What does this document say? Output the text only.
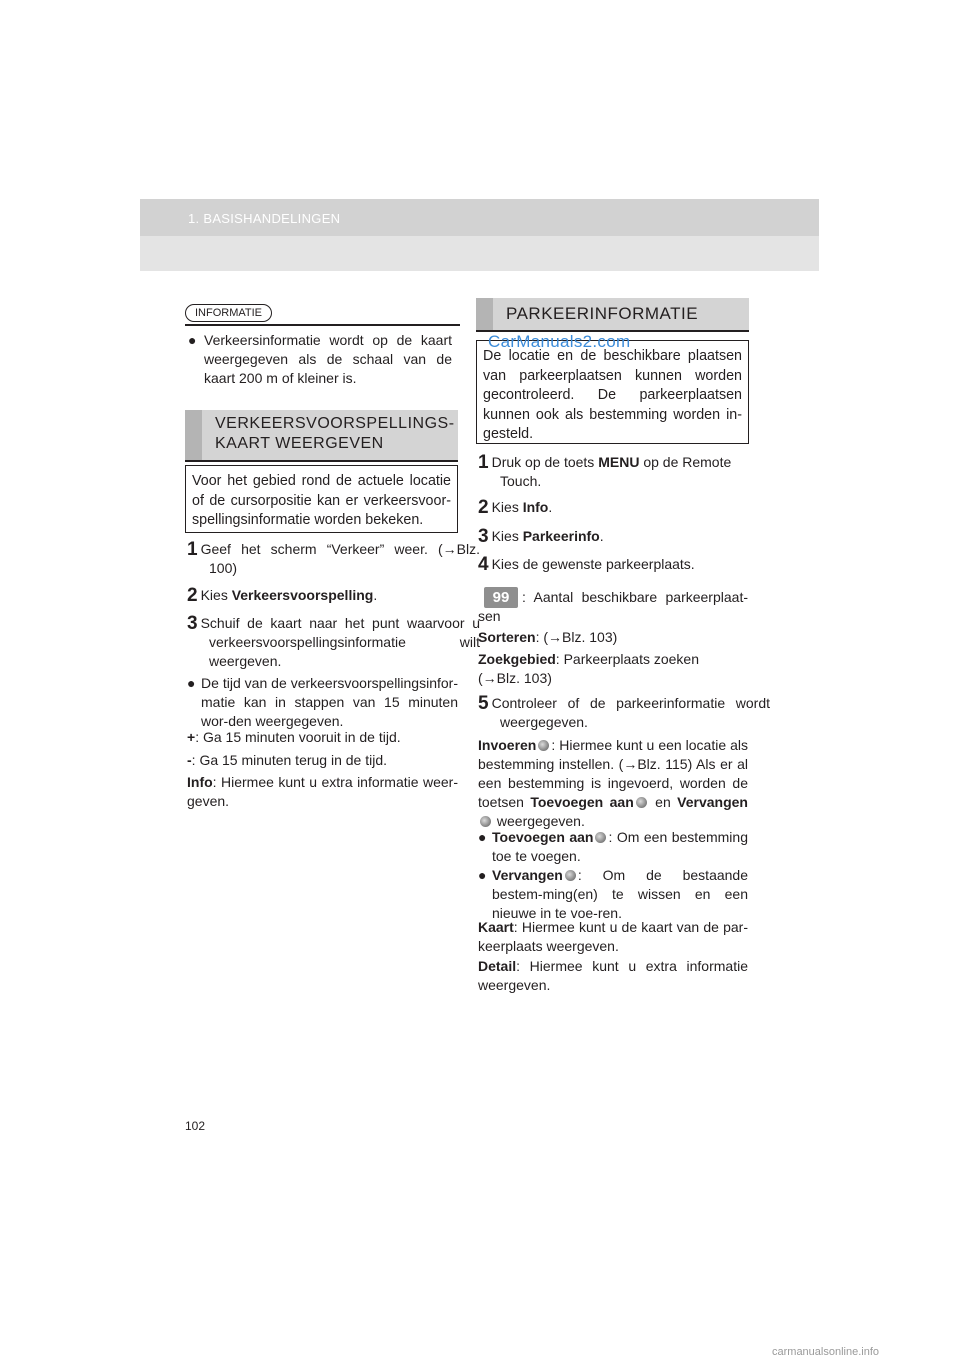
1. BASISHANDELINGEN
INFORMATIE
● Verkeersinformatie wordt op de kaart weergegeven als de schaal van de kaart 200 m of kleiner is.
VERKEERSVOORSPELLINGS-
KAART WEERGEVEN
Voor het gebied rond de actuele locatie of de cursorpositie kan er verkeersvoor-spellingsinformatie worden bekeken.
1 Geef het scherm “Verkeer” weer. (→Blz. 100)
2 Kies Verkeersvoorspelling.
3 Schuif de kaart naar het punt waarvoor u verkeersvoorspellingsinformatie wilt weergeven.
● De tijd van de verkeersvoorspellingsinfor-matie kan in stappen van 15 minuten wor-den weergegeven.
+: Ga 15 minuten vooruit in de tijd.
-: Ga 15 minuten terug in de tijd.
Info: Hiermee kunt u extra informatie weer-geven.
PARKEERINFORMATIE
De locatie en de beschikbare plaatsen van parkeerplaatsen kunnen worden gecontroleerd. De parkeerplaatsen kunnen ook als bestemming worden in-gesteld.
CarManuals2.com
1 Druk op de toets MENU op de Remote Touch.
2 Kies Info.
3 Kies Parkeerinfo.
4 Kies de gewenste parkeerplaats.
99 : Aantal beschikbare parkeerplaat-sen
Sorteren: (→Blz. 103)
Zoekgebied: Parkeerplaats zoeken (→Blz. 103)
5 Controleer of de parkeerinformatie wordt weergegeven.
Invoeren : Hiermee kunt u een locatie als bestemming instellen. (→Blz. 115) Als er al een bestemming is ingevoerd, worden de toetsen Toevoegen aan en Vervangen weergegeven.
● Toevoegen aan : Om een bestemming toe te voegen.
● Vervangen : Om de bestaande bestem-ming(en) te wissen en een nieuwe in te voe-ren.
Kaart: Hiermee kunt u de kaart van de par-keerplaats weergeven.
Detail: Hiermee kunt u extra informatie weergeven.
102
carmanualsonline.info
